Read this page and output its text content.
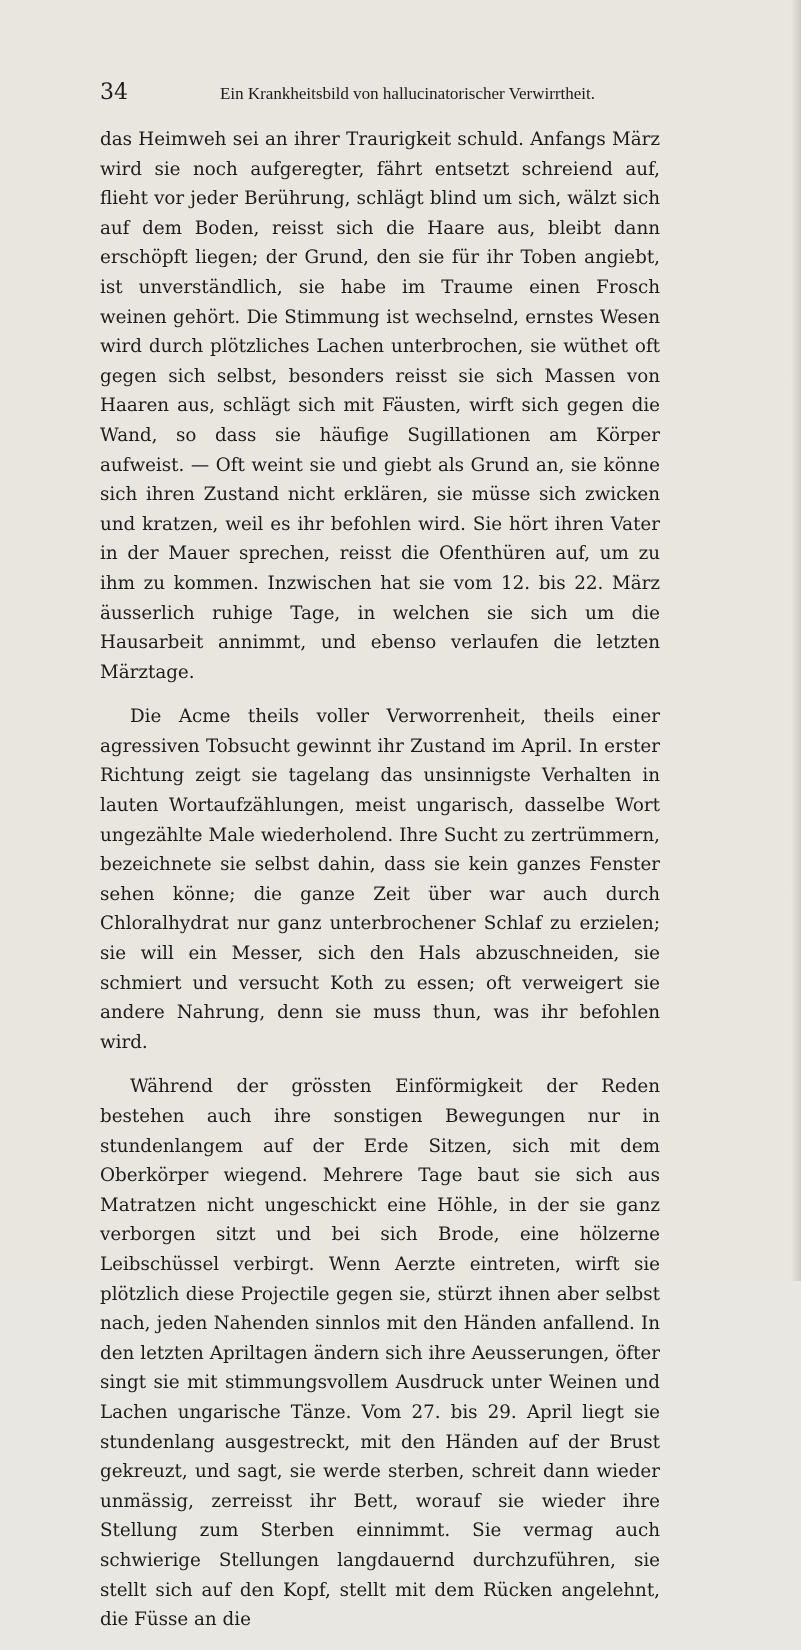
34	Ein Krankheitsbild von hallucinatorischer Verwirrtheit.

das Heimweh sei an ihrer Traurigkeit schuld. Anfangs März wird sie noch aufgeregter, fährt entsetzt schreiend auf, flieht vor jeder Berührung, schlägt blind um sich, wälzt sich auf dem Boden, reisst sich die Haare aus, bleibt dann erschöpft liegen; der Grund, den sie für ihr Toben angiebt, ist unverständlich, sie habe im Traume einen Frosch weinen gehört. Die Stimmung ist wechselnd, ernstes Wesen wird durch plötzliches Lachen unterbrochen, sie wüthet oft gegen sich selbst, besonders reisst sie sich Massen von Haaren aus, schlägt sich mit Fäusten, wirft sich gegen die Wand, so dass sie häufige Sugillationen am Körper aufweist. — Oft weint sie und giebt als Grund an, sie könne sich ihren Zustand nicht erklären, sie müsse sich zwicken und kratzen, weil es ihr befohlen wird. Sie hört ihren Vater in der Mauer sprechen, reisst die Ofenthüren auf, um zu ihm zu kommen. Inzwischen hat sie vom 12. bis 22. März äusserlich ruhige Tage, in welchen sie sich um die Hausarbeit annimmt, und ebenso verlaufen die letzten Märztage.

Die Acme theils voller Verworrenheit, theils einer agressiven Tobsucht gewinnt ihr Zustand im April. In erster Richtung zeigt sie tagelang das unsinnigste Verhalten in lauten Wortaufzählungen, meist ungarisch, dasselbe Wort ungezählte Male wiederholend. Ihre Sucht zu zertrümmern, bezeichnete sie selbst dahin, dass sie kein ganzes Fenster sehen könne; die ganze Zeit über war auch durch Chloralhydrat nur ganz unterbrochener Schlaf zu erzielen; sie will ein Messer, sich den Hals abzuschneiden, sie schmiert und versucht Koth zu essen; oft verweigert sie andere Nahrung, denn sie muss thun, was ihr befohlen wird.

Während der grössten Einförmigkeit der Reden bestehen auch ihre sonstigen Bewegungen nur in stundenlangem auf der Erde Sitzen, sich mit dem Oberkörper wiegend. Mehrere Tage baut sie sich aus Matratzen nicht ungeschickt eine Höhle, in der sie ganz verborgen sitzt und bei sich Brode, eine hölzerne Leibschüssel verbirgt. Wenn Aerzte eintreten, wirft sie plötzlich diese Projectile gegen sie, stürzt ihnen aber selbst nach, jeden Nahenden sinnlos mit den Händen anfallend. In den letzten Apriltagen ändern sich ihre Aeusserungen, öfter singt sie mit stimmungsvollem Ausdruck unter Weinen und Lachen ungarische Tänze. Vom 27. bis 29. April liegt sie stundenlang ausgestreckt, mit den Händen auf der Brust gekreuzt, und sagt, sie werde sterben, schreit dann wieder unmässig, zerreisst ihr Bett, worauf sie wieder ihre Stellung zum Sterben einnimmt. Sie vermag auch schwierige Stellungen langdauernd durchzuführen, sie stellt sich auf den Kopf, stellt mit dem Rücken angelehnt, die Füsse an die
